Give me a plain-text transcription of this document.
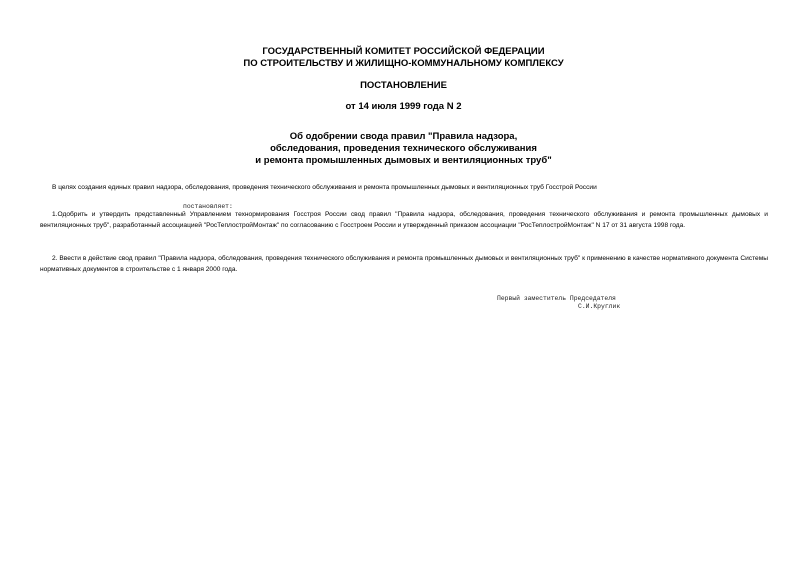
ГОСУДАРСТВЕННЫЙ КОМИТЕТ РОССИЙСКОЙ ФЕДЕРАЦИИ
ПО СТРОИТЕЛЬСТВУ И ЖИЛИЩНО-КОММУНАЛЬНОМУ КОМПЛЕКСУ
ПОСТАНОВЛЕНИЕ
от 14 июля 1999 года N 2
Об одобрении свода правил "Правила надзора,
обследования, проведения технического обслуживания
и ремонта промышленных дымовых и вентиляционных труб"
В целях создания единых правил надзора, обследования, проведения технического обслуживания и ремонта промышленных дымовых и вентиляционных труб Госстрой России
постановляет:
1.Одобрить и утвердить представленный Управлением технормирования Госстроя России свод правил "Правила надзора, обследования, проведения технического обслуживания и ремонта промышленных дымовых и вентиляционных труб", разработанный ассоциацией "РосТеплостройМонтаж" по согласованию с Госстроем России и утвержденный приказом ассоциации "РосТеплостройМонтаж" N 17 от 31 августа 1998 года.
2. Ввести в действие свод правил "Правила надзора, обследования, проведения технического обслуживания и ремонта промышленных дымовых и вентиляционных труб" к применению в качестве нормативного документа Системы нормативных документов в строительстве с 1 января 2000 года.
Первый заместитель Председателя
С.И.Круглик
